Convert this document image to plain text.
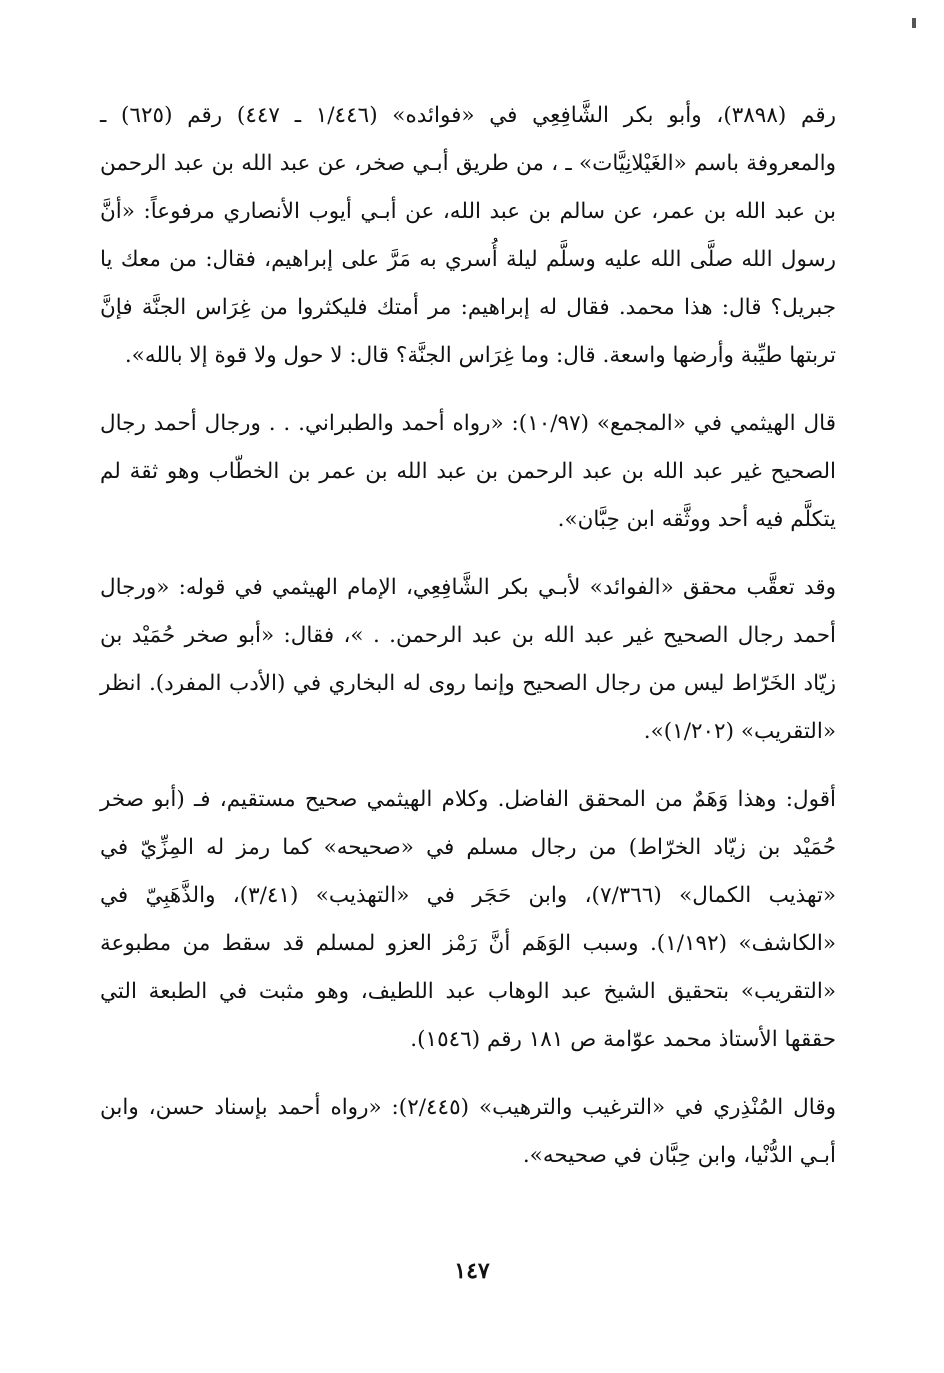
رقم (٣٨٩٨)، وأبو بكر الشَّافِعِي في «فوائده» (١/٤٤٦ ـ ٤٤٧) رقم (٦٢٥) ـ والمعروفة باسم «الغَيْلانِيَّات» ـ ، من طريق أبـي صخر، عن عبد الله بن عبد الرحمن بن عبد الله بن عمر، عن سالم بن عبد الله، عن أبـي أيوب الأنصاري مرفوعاً: «أنَّ رسول الله صلَّى الله عليه وسلَّم ليلة أُسري به مَرَّ على إبراهيم، فقال: من معك يا جبريل؟ قال: هذا محمد. فقال له إبراهيم: مر أمتك فليكثروا من غِرَاس الجنَّة فإنَّ تربتها طيِّبة وأرضها واسعة. قال: وما غِرَاس الجنَّة؟ قال: لا حول ولا قوة إلا بالله».

قال الهيثمي في «المجمع» (١٠/٩٧): «رواه أحمد والطبراني. . . ورجال أحمد رجال الصحيح غير عبد الله بن عبد الرحمن بن عبد الله بن عمر بن الخطّاب وهو ثقة لم يتكلَّم فيه أحد ووثَّقه ابن حِبَّان».

وقد تعقَّب محقق «الفوائد» لأبـي بكر الشَّافِعِي، الإمام الهيثمي في قوله: «ورجال أحمد رجال الصحيح غير عبد الله بن عبد الرحمن. . »، فقال: «أبو صخر حُمَيْد بن زيّاد الخَرّاط ليس من رجال الصحيح وإنما روى له البخاري في (الأدب المفرد). انظر «التقريب» (١/٢٠٢)».

أقول: وهذا وَهَمٌ من المحقق الفاضل. وكلام الهيثمي صحيح مستقيم، فـ (أبو صخر حُمَيْد بن زيّاد الخرّاط) من رجال مسلم في «صحيحه» كما رمز له المِزِّيّ في «تهذيب الكمال» (٧/٣٦٦)، وابن حَجَر في «التهذيب» (٣/٤١)، والذَّهَبِيّ في «الكاشف» (١/١٩٢). وسبب الوَهَم أنَّ رَمْز العزو لمسلم قد سقط من مطبوعة «التقريب» بتحقيق الشيخ عبد الوهاب عبد اللطيف، وهو مثبت في الطبعة التي حققها الأستاذ محمد عوّامة ص ١٨١ رقم (١٥٤٦).

وقال المُنْذِري في «الترغيب والترهيب» (٢/٤٤٥): «رواه أحمد بإسناد حسن، وابن أبـي الدُّنْيا، وابن حِبَّان في صحيحه».

١٤٧
